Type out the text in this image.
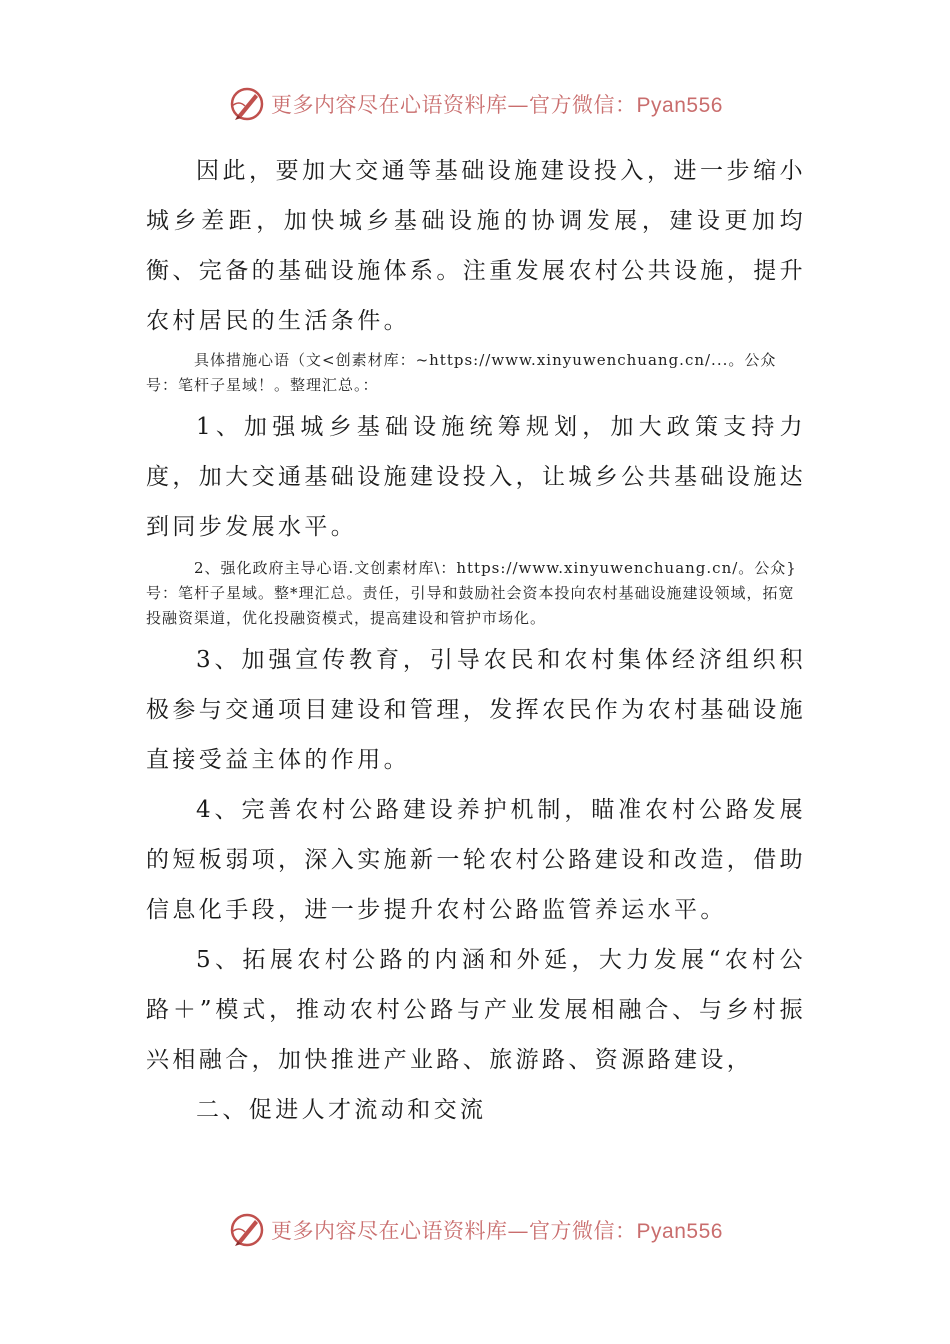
更多内容尽在心语资料库—官方微信：Pyan556

因此，要加大交通等基础设施建设投入，进一步缩小城乡差距，加快城乡基础设施的协调发展，建设更加均衡、完备的基础设施体系。注重发展农村公共设施，提升农村居民的生活条件。

具体措施心语（文<创素材库：~https://www.xinyuwenchuang.cn/...。公众号：笔杆子星域！。整理汇总。：

1、加强城乡基础设施统筹规划，加大政策支持力度，加大交通基础设施建设投入，让城乡公共基础设施达到同步发展水平。

2、强化政府主导心语.文创素材库\：https://www.xinyuwenchuang.cn/。公众}号：笔杆子星域。整*理汇总。责任，引导和鼓励社会资本投向农村基础设施建设领域，拓宽投融资渠道，优化投融资模式，提高建设和管护市场化。

3、加强宣传教育，引导农民和农村集体经济组织积极参与交通项目建设和管理，发挥农民作为农村基础设施直接受益主体的作用。

4、完善农村公路建设养护机制，瞄准农村公路发展的短板弱项，深入实施新一轮农村公路建设和改造，借助信息化手段，进一步提升农村公路监管养运水平。

5、拓展农村公路的内涵和外延，大力发展“农村公路＋”模式，推动农村公路与产业发展相融合、与乡村振兴相融合，加快推进产业路、旅游路、资源路建设，

二、促进人才流动和交流

更多内容尽在心语资料库—官方微信：Pyan556
